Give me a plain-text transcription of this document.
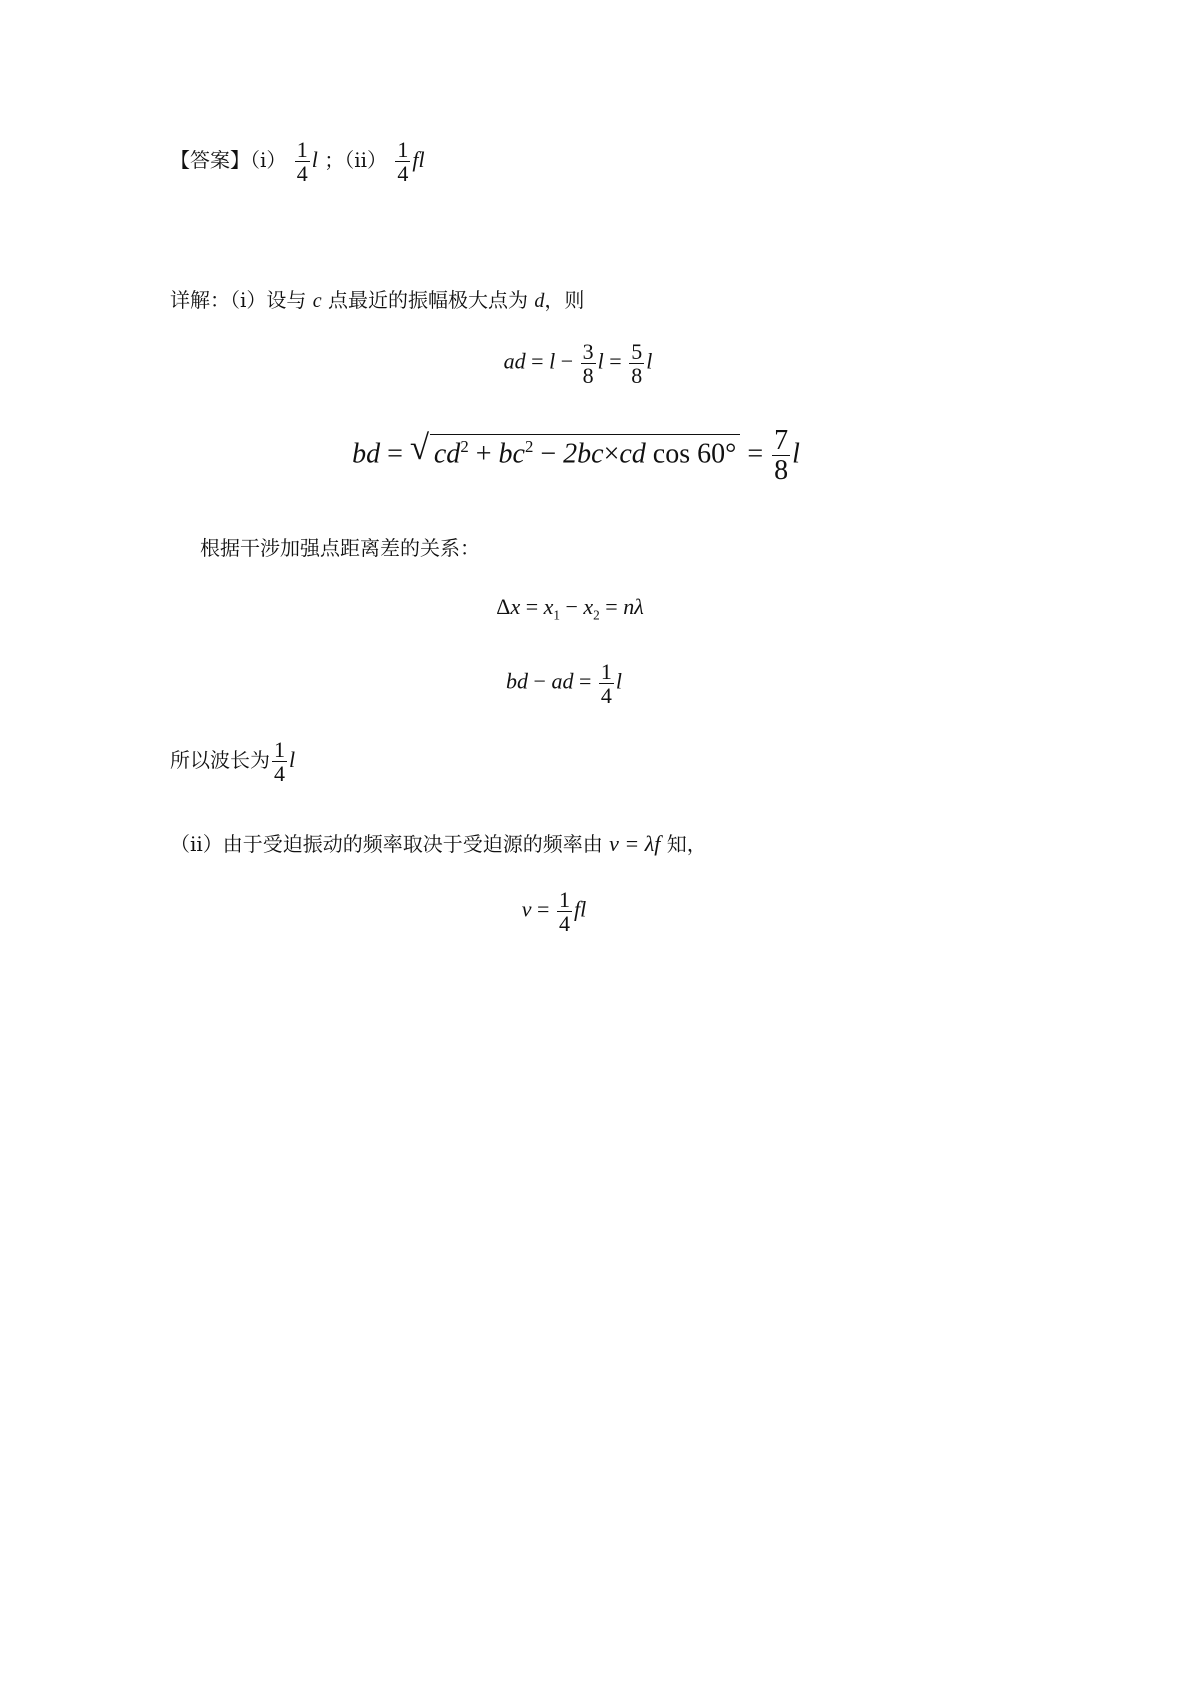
【答案】$(i) \frac{1}{4}$ l ；$(ii) \frac{1}{4}$ fl
详解：（i）设与 c 点最近的振幅极大点为 d，则
ad = $l - \frac{3}{8}$ $l = \frac{5}{8}$ l
bd = √ $cd^2 + bc^2 - 2bc\times cd$ $\cos 60^\circ = \frac{7}{8}$ l
根据干涉加强点距离差的关系：
$\Delta x = x_1 - x_2 = n\lambda$
bd − ad = $\frac{1}{4}$ l
所以波长为 $\frac{1}{4}$ l
（ii）由于受迫振动的频率取决于受迫源的频率由 v = λf 知，
$v = \frac{1}{4}$ fl
